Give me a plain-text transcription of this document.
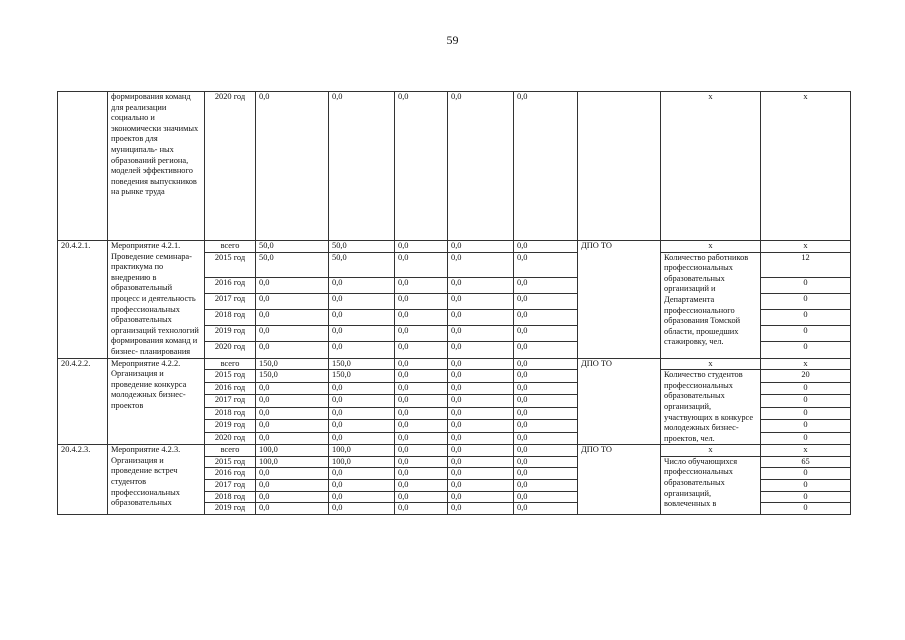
59
	формирования команд для реализации социально и экономически значимых проектов для муниципаль- ных образований региона, моделей эффективного поведения выпускников на рынке труда	2020 год	0,0	0,0	0,0	0,0	0,0		x	x
20.4.2.1.	Мероприятие 4.2.1. Проведение семинара- практикума по внедрению в образовательный процесс и деятельность профессиональных образовательных организаций технологий формирования команд и бизнес- планирования	всего	50,0	50,0	0,0	0,0	0,0	ДПО ТО	x	x
		2015 год	50,0	50,0	0,0	0,0	0,0		Количество работников профессиональных образовательных организаций и Департамента профессионального образования Томской области, прошедших стажировку, чел.	12
		2016 год	0,0	0,0	0,0	0,0	0,0			0
		2017 год	0,0	0,0	0,0	0,0	0,0			0
		2018 год	0,0	0,0	0,0	0,0	0,0			0
		2019 год	0,0	0,0	0,0	0,0	0,0			0
		2020 год	0,0	0,0	0,0	0,0	0,0			0
20.4.2.2.	Мероприятие 4.2.2. Организация и проведение конкурса молодежных бизнес-проектов	всего	150,0	150,0	0,0	0,0	0,0	ДПО ТО	x	x
		2015 год	150,0	150,0	0,0	0,0	0,0		Количество студентов профессиональных образовательных организаций, участвующих в конкурсе молодежных бизнес- проектов, чел.	20
		2016 год	0,0	0,0	0,0	0,0	0,0			0
		2017 год	0,0	0,0	0,0	0,0	0,0			0
		2018 год	0,0	0,0	0,0	0,0	0,0			0
		2019 год	0,0	0,0	0,0	0,0	0,0			0
		2020 год	0,0	0,0	0,0	0,0	0,0			0
20.4.2.3.	Мероприятие 4.2.3. Организация и проведение встреч студентов профессиональных образовательных	всего	100,0	100,0	0,0	0,0	0,0	ДПО ТО	x	x
		2015 год	100,0	100,0	0,0	0,0	0,0		Число обучающихся профессиональных образовательных организаций, вовлеченных в	65
		2016 год	0,0	0,0	0,0	0,0	0,0			0
		2017 год	0,0	0,0	0,0	0,0	0,0			0
		2018 год	0,0	0,0	0,0	0,0	0,0			0
		2019 год	0,0	0,0	0,0	0,0	0,0			0
